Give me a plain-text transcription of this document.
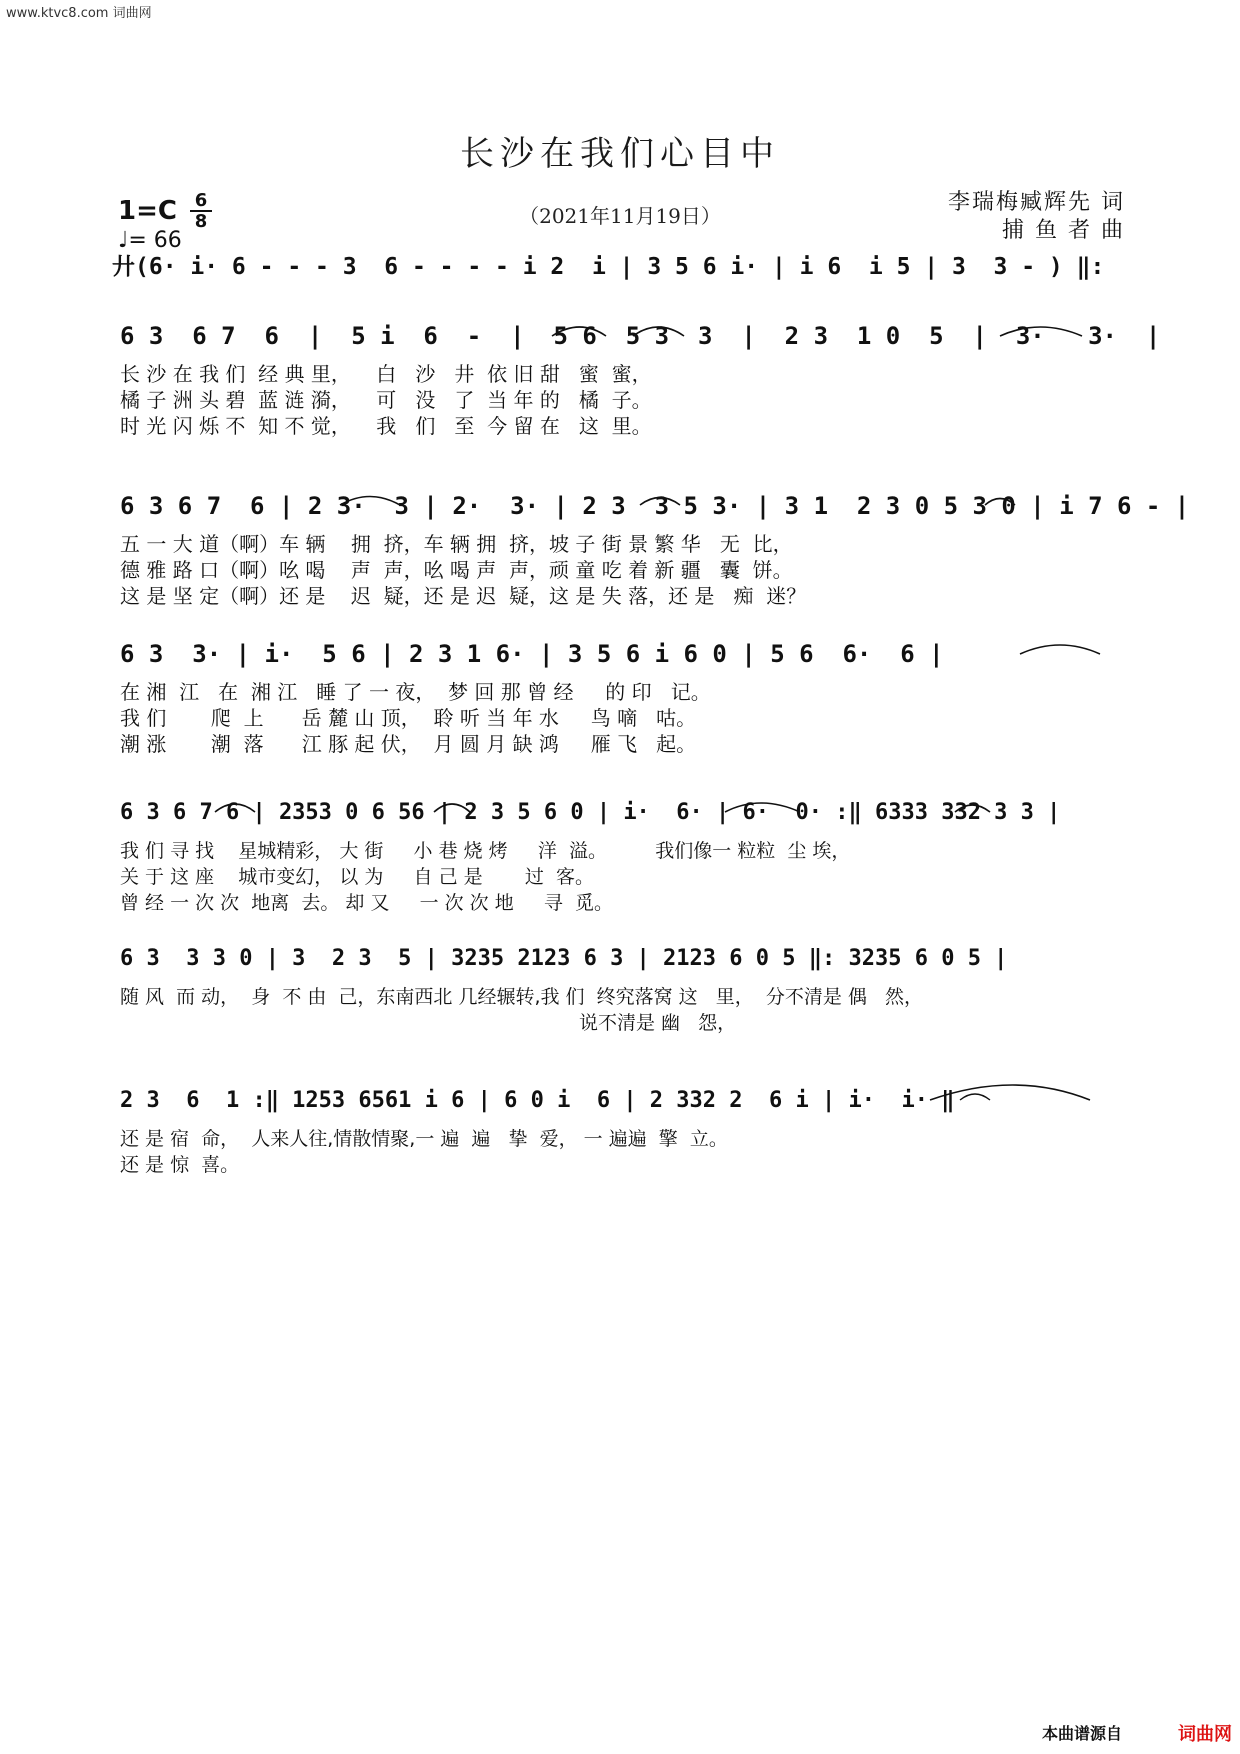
www.ktvc8.com 词曲网
长沙在我们心目中
1=C 6
8
♩= 66
（2021年11月19日）
李瑞梅臧辉先 词
捕 鱼 者 曲
廾(6· i· 6 - - - 3  6 - - - - i 2  i | 3 5 6 i· | i 6  i 5 | 3  3 - ) ‖:
6 3  6 7  6  |  5 i  6  -  |  5 6  5 3  3  |  2 3  1 0  5  |  3·   3·  |
长 沙 在 我 们  经 典 里，    白   沙   井  依 旧 甜   蜜  蜜，
橘 子 洲 头 碧  蓝 涟 漪，    可   没   了  当 年 的   橘  子。
时 光 闪 烁 不  知 不 觉，    我   们   至  今 留 在   这  里。
6 3 6 7  6 | 2 3·  3 | 2·  3· | 2 3  3 5 3· | 3 1  2 3 0 5 3 0 | i 7 6 - |
五 一 大 道（啊）车 辆    拥  挤，车 辆 拥  挤，坡 子 街 景 繁 华   无  比，
德 雅 路 口（啊）吆 喝    声  声，吆 喝 声  声，顽 童 吃 着 新 疆   囊  饼。
这 是 坚 定（啊）还 是    迟  疑，还 是 迟  疑，这 是 失 落，还 是   痴  迷？
6 3  3· | i·  5 6 | 2 3 1 6· | 3 5 6 i 6 0 | 5 6  6·  6 |
在 湘  江   在  湘 江   睡 了 一 夜，  梦 回 那 曾 经     的 印   记。
我 们       爬  上      岳 麓 山 顶，  聆 听 当 年 水     鸟 嘀   咕。
潮 涨       潮  落      江 豚 起 伏，  月 圆 月 缺 鸿     雁 飞   起。
6 3 6 7 6 | 2353 0 6 56 | 2 3 5 6 0 | i·  6· | 6·  0· :‖ 6333 332 3 3 |
我 们 寻 找    星城精彩， 大 街     小 巷 烧 烤     洋  溢。        我们像一 粒粒  尘 埃，
关 于 这 座    城市变幻， 以 为     自 己 是       过  客。
曾 经 一 次 次  地离  去。 却 又     一 次 次 地     寻  觅。
6 3  3 3 0 | 3  2 3  5 | 3235 2123 6 3 | 2123 6 0 5 ‖: 3235 6 0 5 |
随 风  而 动，  身  不 由  己，东南西北 几经辗转,我 们  终究落窝 这   里，  分不清是 偶   然，
说不清是 幽   怨，
2 3  6  1 :‖ 1253 6561 i 6 | 6 0 i  6 | 2 332 2  6 i | i·  i· ‖
还 是 宿  命，  人来人往,情散情聚,一 遍  遍   挚  爱， 一 遍遍  擎  立。
还 是 惊  喜。
本曲谱源自	词曲网
